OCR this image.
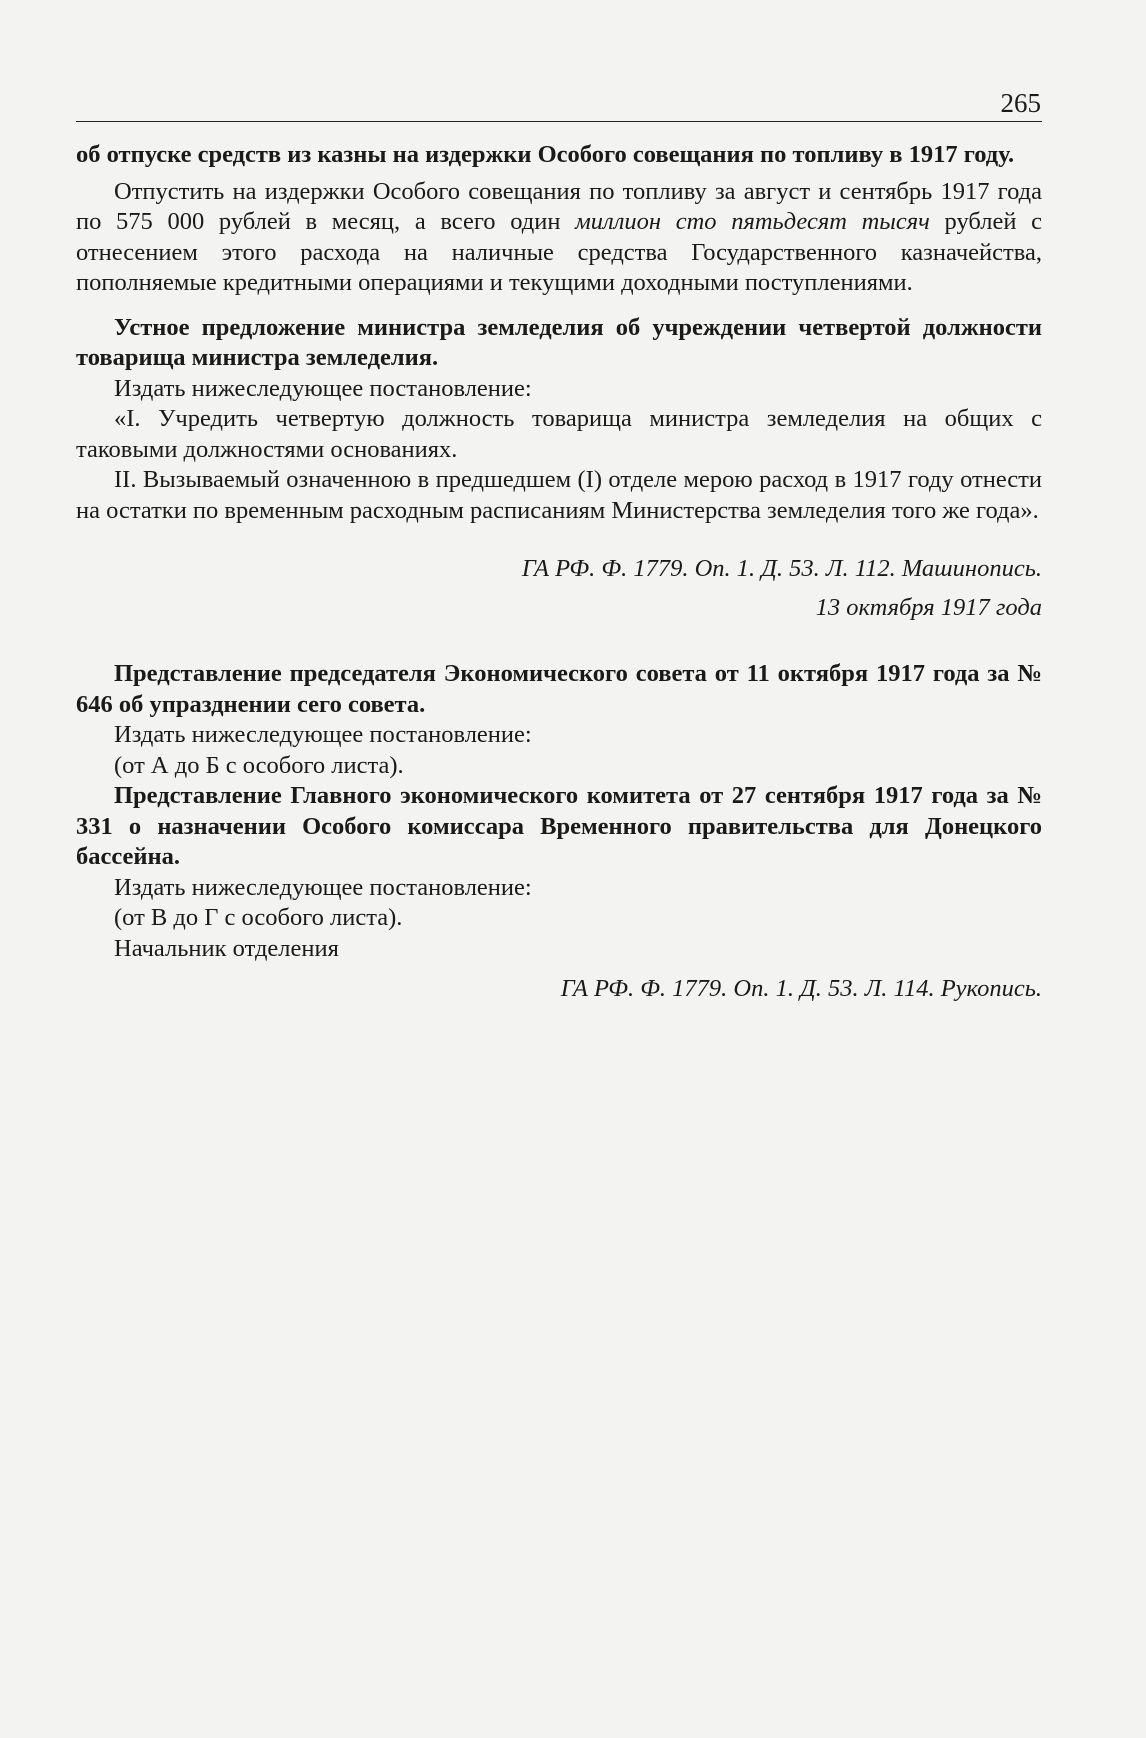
265

об отпуске средств из казны на издержки Особого совещания по топливу в 1917 году.

Отпустить на издержки Особого совещания по топливу за август и сентябрь 1917 года по 575 000 рублей в месяц, а всего один миллион сто пятьдесят тысяч рублей с отнесением этого расхода на наличные средства Государственного казначейства, пополняемые кредитными операциями и текущими доходными поступлениями.

Устное предложение министра земледелия об учреждении четвертой должности товарища министра земледелия.

Издать нижеследующее постановление:

«I. Учредить четвертую должность товарища министра земледелия на общих с таковыми должностями основаниях.

II. Вызываемый означенною в предшедшем (I) отделе мерою расход в 1917 году отнести на остатки по временным расходным расписаниям Министерства земледелия того же года».

ГА РФ. Ф. 1779. Оп. 1. Д. 53. Л. 112. Машинопись.

13 октября 1917 года

Представление председателя Экономического совета от 11 октября 1917 года за № 646 об упразднении сего совета.

Издать нижеследующее постановление:

(от А до Б с особого листа).

Представление Главного экономического комитета от 27 сентября 1917 года за № 331 о назначении Особого комиссара Временного правительства для Донецкого бассейна.

Издать нижеследующее постановление:

(от В до Г с особого листа).

Начальник отделения

ГА РФ. Ф. 1779. Оп. 1. Д. 53. Л. 114. Рукопись.
